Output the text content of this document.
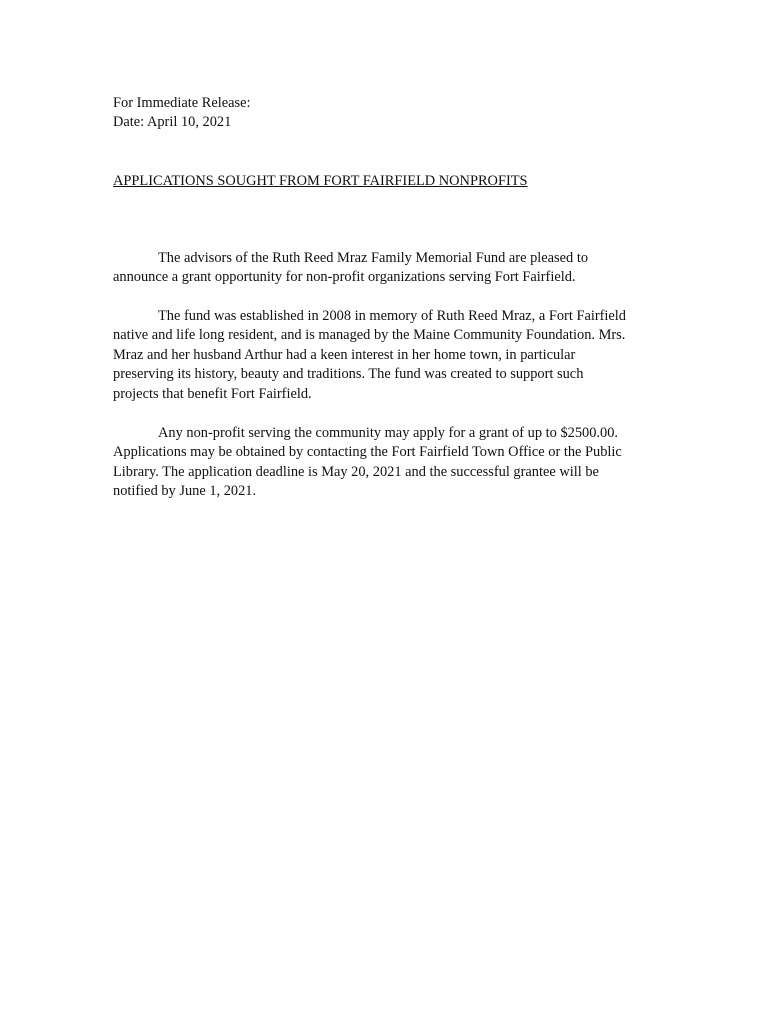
For Immediate Release:
Date: April 10, 2021
APPLICATIONS SOUGHT FROM FORT FAIRFIELD NONPROFITS
The advisors of the Ruth Reed Mraz Family Memorial Fund are pleased to
announce a grant opportunity for non-profit organizations serving Fort Fairfield.
The fund was established in 2008 in memory of Ruth Reed Mraz, a Fort Fairfield
native and life long resident, and is managed by the Maine Community Foundation. Mrs.
Mraz and her husband Arthur had a keen interest in her home town, in particular
preserving its history, beauty and traditions. The fund was created to support such
projects that benefit Fort Fairfield.
Any non-profit serving the community may apply for a grant of up to $2500.00.
Applications may be obtained by contacting the Fort Fairfield Town Office or the Public
Library. The application deadline is May 20, 2021 and the successful grantee will be
notified by June 1, 2021.
